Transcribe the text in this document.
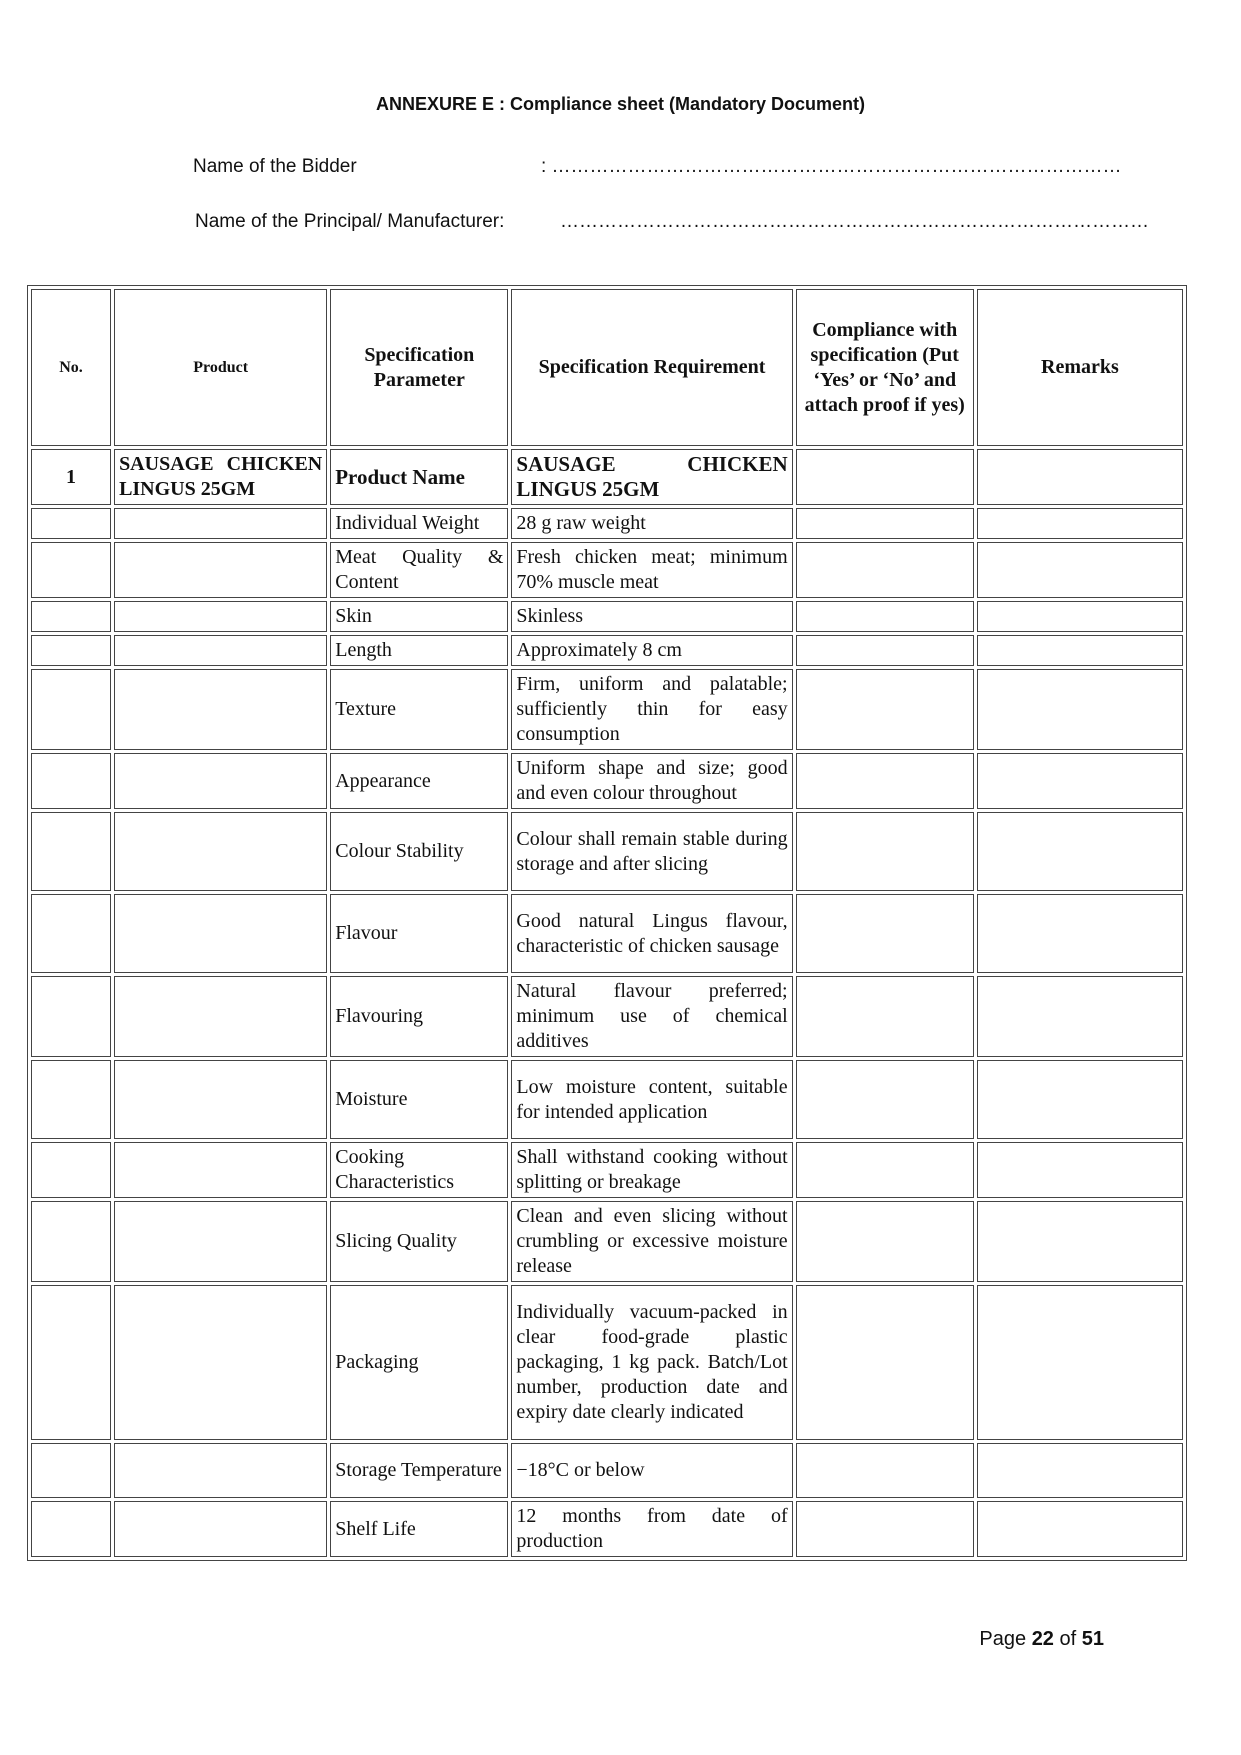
ANNEXURE E : Compliance sheet (Mandatory Document)
Name of the Bidder	: ………………………………………………………………………………
Name of the Principal/ Manufacturer:	…………………………………………………………………………………
No.	Product	Specification Parameter	Specification Requirement	Compliance with specification (Put ‘Yes’ or ‘No’ and attach proof if yes)	Remarks
1	SAUSAGE CHICKEN LINGUS 25GM	Product Name	SAUSAGE CHICKEN LINGUS 25GM		
		Individual Weight	28 g raw weight		
		Meat Quality & Content	Fresh chicken meat; minimum 70% muscle meat		
		Skin	Skinless		
		Length	Approximately 8 cm		
		Texture	Firm, uniform and palatable; sufficiently thin for easy consumption		
		Appearance	Uniform shape and size; good and even colour throughout		
		Colour Stability	Colour shall remain stable during storage and after slicing		
		Flavour	Good natural Lingus flavour, characteristic of chicken sausage		
		Flavouring	Natural flavour preferred; minimum use of chemical additives		
		Moisture	Low moisture content, suitable for intended application		
		Cooking Characteristics	Shall withstand cooking without splitting or breakage		
		Slicing Quality	Clean and even slicing without crumbling or excessive moisture release		
		Packaging	Individually vacuum-packed in clear food-grade plastic packaging, 1 kg pack. Batch/Lot number, production date and expiry date clearly indicated		
		Storage Temperature	−18°C or below		
		Shelf Life	12 months from date of production		
Page 22 of 51
